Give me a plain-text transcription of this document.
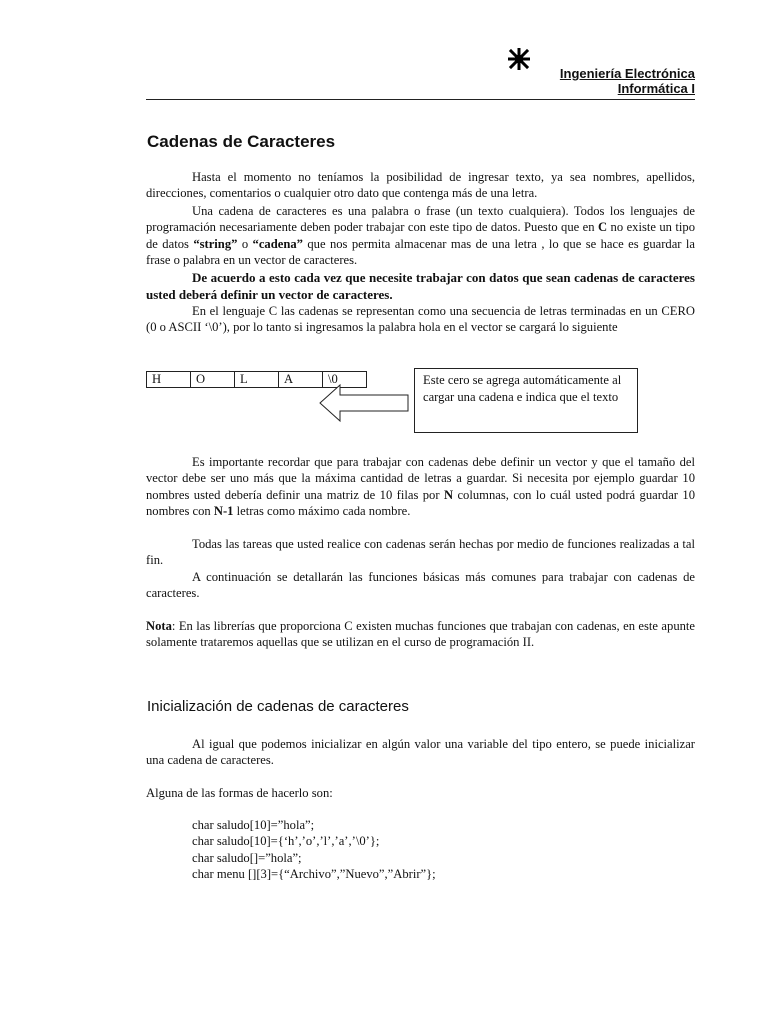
Ingeniería Electrónica
Informática I
Cadenas de Caracteres

Hasta el momento no teníamos la posibilidad de ingresar texto, ya sea nombres, apellidos, direcciones, comentarios o cualquier otro dato que contenga más de una letra.

Una cadena de caracteres es una palabra o frase (un texto cualquiera). Todos los lenguajes de programación necesariamente deben poder trabajar con este tipo de datos. Puesto que en C no existe un tipo de datos “string” o “cadena” que nos permita almacenar mas de una letra , lo que se hace es guardar la frase o palabra en un vector de caracteres.

De acuerdo a esto cada vez que necesite trabajar con datos que sean cadenas de caracteres usted deberá definir un vector de caracteres.

En el lenguaje C las cadenas se representan como una secuencia de letras terminadas en un CERO (0 o ASCII ‘\0’), por lo tanto si ingresamos la palabra hola en el vector se cargará lo siguiente

H	O	L	A	\0	Este cero se agrega automáticamente al cargar una cadena e indica que el texto

Es importante recordar que para trabajar con cadenas debe definir un vector y que el tamaño del vector debe ser uno más que la máxima cantidad de letras a guardar. Si necesita por ejemplo guardar 10 nombres usted debería definir una matriz de 10 filas por N columnas, con lo cuál usted podrá guardar 10 nombres con N-1 letras como máximo cada nombre.

Todas las tareas que usted realice con cadenas serán hechas por medio de funciones realizadas a tal fin.

A continuación se detallarán las funciones básicas más comunes para trabajar con cadenas de caracteres.

Nota: En las librerías que proporciona C existen muchas funciones que trabajan con cadenas, en este apunte solamente trataremos aquellas que se utilizan en el curso de programación II.

Inicialización de cadenas de caracteres

Al igual que podemos inicializar en algún valor una variable del tipo entero, se puede inicializar una cadena de caracteres.

Alguna de las formas de hacerlo son:

char saludo[10]=”hola”;
char saludo[10]={‘h’,’o’,’l’,’a’,’\0’};
char saludo[]=”hola”;
char menu [][3]={“Archivo”,”Nuevo”,”Abrir”};
